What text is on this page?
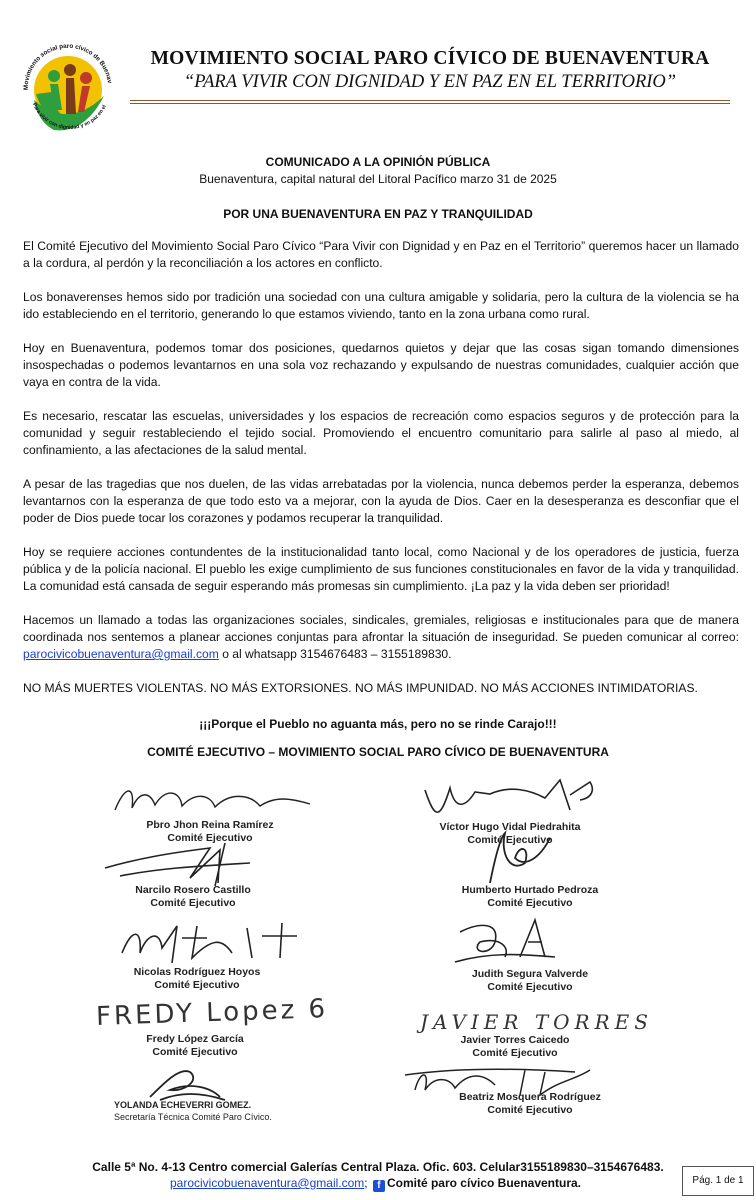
Movimiento social paro cívico de Buenav
Para vivir con dignidad y en paz en el
MOVIMIENTO SOCIAL PARO CÍVICO DE BUENAVENTURA
“PARA VIVIR CON DIGNIDAD Y EN PAZ EN EL TERRITORIO”
COMUNICADO A LA OPINIÓN PÚBLICA
Buenaventura, capital natural del Litoral Pacífico marzo 31 de 2025
POR UNA BUENAVENTURA EN PAZ Y TRANQUILIDAD

El Comité Ejecutivo del Movimiento Social Paro Cívico “Para Vivir con Dignidad y en Paz en el Territorio” queremos hacer un llamado a la cordura, al perdón y la reconciliación a los actores en conflicto.

Los bonaverenses hemos sido por tradición una sociedad con una cultura amigable y solidaria, pero la cultura de la violencia se ha ido estableciendo en el territorio, generando lo que estamos viviendo, tanto en la zona urbana como rural.

Hoy en Buenaventura, podemos tomar dos posiciones, quedarnos quietos y dejar que las cosas sigan tomando dimensiones insospechadas o podemos levantarnos en una sola voz rechazando y expulsando de nuestras comunidades, cualquier acción que vaya en contra de la vida.

Es necesario, rescatar las escuelas, universidades y los espacios de recreación como espacios seguros y de protección para la comunidad y seguir restableciendo el tejido social. Promoviendo el encuentro comunitario para salirle al paso al miedo, al confinamiento, a las afectaciones de la salud mental.

A pesar de las tragedias que nos duelen, de las vidas arrebatadas por la violencia, nunca debemos perder la esperanza, debemos levantarnos con la esperanza de que todo esto va a mejorar, con la ayuda de Dios. Caer en la desesperanza es desconfiar que el poder de Dios puede tocar los corazones y podamos recuperar la tranquilidad.

Hoy se requiere acciones contundentes de la institucionalidad tanto local, como Nacional y de los operadores de justicia, fuerza pública y de la policía nacional. El pueblo les exige cumplimiento de sus funciones constitucionales en favor de la vida y tranquilidad. La comunidad está cansada de seguir esperando más promesas sin cumplimiento. ¡La paz y la vida deben ser prioridad!

Hacemos un llamado a todas las organizaciones sociales, sindicales, gremiales, religiosas e institucionales para que de manera coordinada nos sentemos a planear acciones conjuntas para afrontar la situación de inseguridad. Se pueden comunicar al correo: parocivicobuenaventura@gmail.com o al whatsapp 3154676483 – 3155189830.

NO MÁS MUERTES VIOLENTAS. NO MÁS EXTORSIONES. NO MÁS IMPUNIDAD. NO MÁS ACCIONES INTIMIDATORIAS.

¡¡¡Porque el Pueblo no aguanta más, pero no se rinde Carajo!!!
COMITÉ EJECUTIVO – MOVIMIENTO SOCIAL PARO CÍVICO DE BUENAVENTURA
Pbro Jhon Reina Ramírez
Comité Ejecutivo
Víctor Hugo Vidal Piedrahita
Comité Ejecutivo
Narcilo Rosero Castillo
Comité Ejecutivo
Humberto Hurtado Pedroza
Comité Ejecutivo
Nicolas Rodríguez Hoyos
Comité Ejecutivo
Judith Segura Valverde
Comité Ejecutivo
FREDY Lopez 6
Fredy López García
Comité Ejecutivo
JAVIER TORRES
Javier Torres Caicedo
Comité Ejecutivo
Beatriz Mosquera Rodríguez
Comité Ejecutivo
YOLANDA ECHEVERRI GOMEZ.
Secretaría Técnica Comité Paro Cívico.
Calle 5ª No. 4-13 Centro comercial Galerías Central Plaza. Ofic. 603. Celular3155189830–3154676483.
parocivicobuenaventura@gmail.com; f Comité paro cívico Buenaventura.	Pág. 1 de 1
